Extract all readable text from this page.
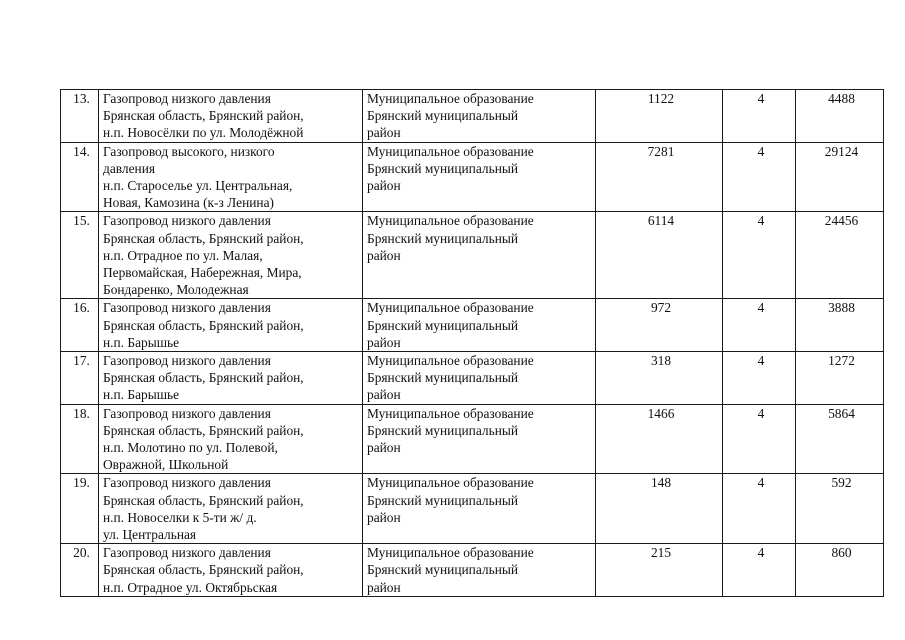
13.	Газопровод низкого давления
Брянская область, Брянский район,
н.п. Новосёлки по ул. Молодёжной	Муниципальное образование
Брянский муниципальный
район	1122	4	4488
14.	Газопровод высокого, низкого
давления
н.п. Староселье ул. Центральная,
Новая, Камозина (к-з Ленина)	Муниципальное образование
Брянский муниципальный
район	7281	4	29124
15.	Газопровод низкого давления
Брянская область, Брянский район,
н.п. Отрадное по ул. Малая,
Первомайская, Набережная, Мира,
Бондаренко, Молодежная	Муниципальное образование
Брянский муниципальный
район	6114	4	24456
16.	Газопровод низкого давления
Брянская область, Брянский район,
н.п. Барышье	Муниципальное образование
Брянский муниципальный
район	972	4	3888
17.	Газопровод низкого давления
Брянская область, Брянский район,
н.п. Барышье	Муниципальное образование
Брянский муниципальный
район	318	4	1272
18.	Газопровод низкого давления
Брянская область, Брянский район,
н.п. Молотино по ул. Полевой,
Овражной, Школьной	Муниципальное образование
Брянский муниципальный
район	1466	4	5864
19.	Газопровод низкого давления
Брянская область, Брянский район,
н.п. Новоселки к 5-ти ж/ д.
ул. Центральная	Муниципальное образование
Брянский муниципальный
район	148	4	592
20.	Газопровод низкого давления
Брянская область, Брянский район,
н.п. Отрадное ул. Октябрьская	Муниципальное образование
Брянский муниципальный
район	215	4	860
